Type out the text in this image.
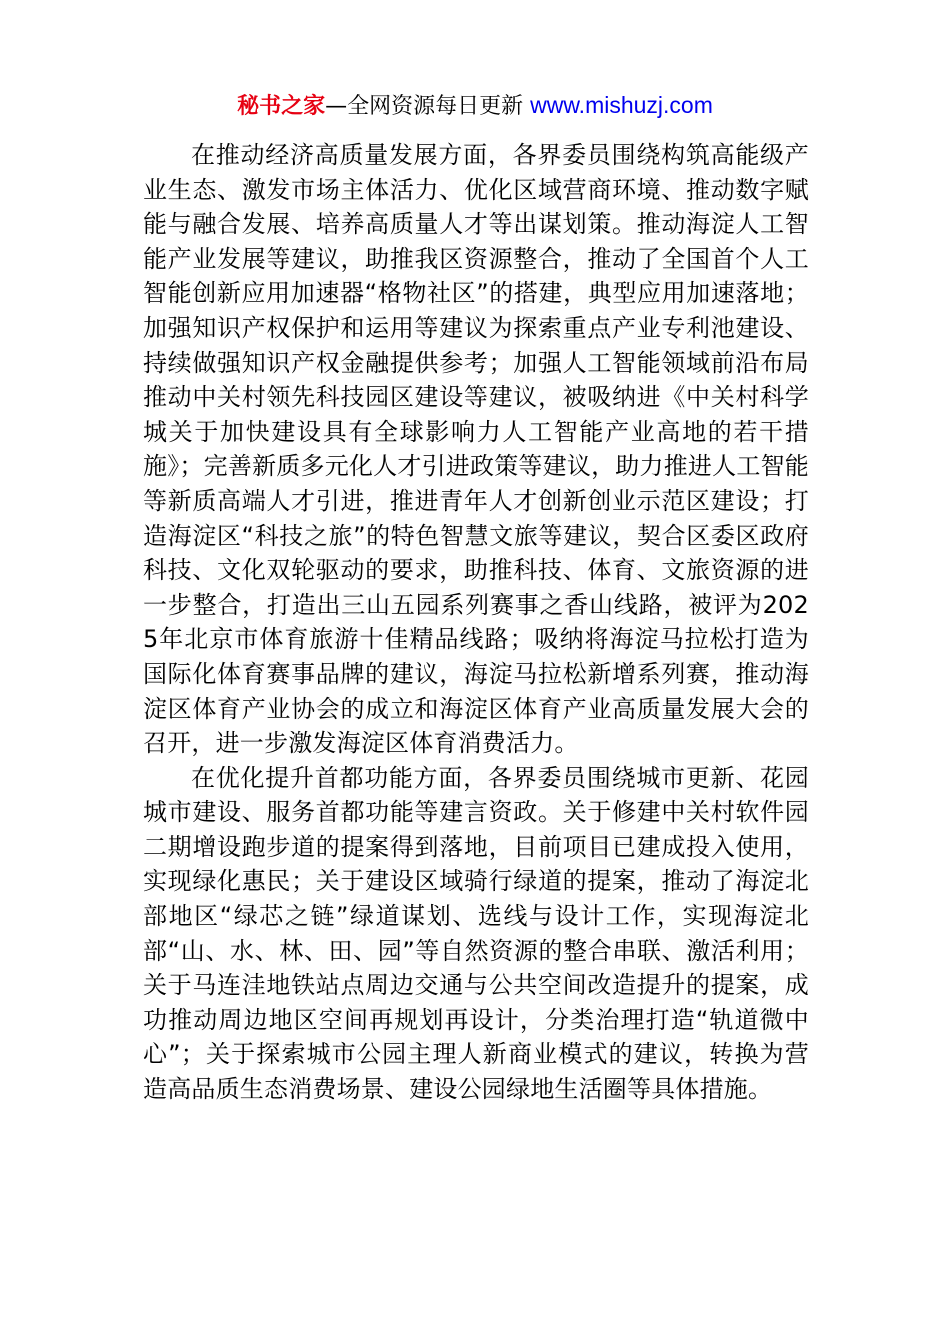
秘书之家—全网资源每日更新 www.mishuzj.com

在推动经济高质量发展方面，各界委员围绕构筑高能级产业生态、激发市场主体活力、优化区域营商环境、推动数字赋能与融合发展、培养高质量人才等出谋划策。推动海淀人工智能产业发展等建议，助推我区资源整合，推动了全国首个人工智能创新应用加速器“格物社区”的搭建，典型应用加速落地；加强知识产权保护和运用等建议为探索重点产业专利池建设、持续做强知识产权金融提供参考；加强人工智能领域前沿布局推动中关村领先科技园区建设等建议，被吸纳进《中关村科学城关于加快建设具有全球影响力人工智能产业高地的若干措施》；完善新质多元化人才引进政策等建议，助力推进人工智能等新质高端人才引进，推进青年人才创新创业示范区建设；打造海淀区“科技之旅”的特色智慧文旅等建议，契合区委区政府科技、文化双轮驱动的要求，助推科技、体育、文旅资源的进一步整合，打造出三山五园系列赛事之香山线路，被评为2025年北京市体育旅游十佳精品线路；吸纳将海淀马拉松打造为国际化体育赛事品牌的建议，海淀马拉松新增系列赛，推动海淀区体育产业协会的成立和海淀区体育产业高质量发展大会的召开，进一步激发海淀区体育消费活力。

在优化提升首都功能方面，各界委员围绕城市更新、花园城市建设、服务首都功能等建言资政。关于修建中关村软件园二期增设跑步道的提案得到落地，目前项目已建成投入使用，实现绿化惠民；关于建设区域骑行绿道的提案，推动了海淀北部地区“绿芯之链”绿道谋划、选线与设计工作，实现海淀北部“山、水、林、田、园”等自然资源的整合串联、激活利用；关于马连洼地铁站点周边交通与公共空间改造提升的提案，成功推动周边地区空间再规划再设计，分类治理打造“轨道微中心”；关于探索城市公园主理人新商业模式的建议，转换为营造高品质生态消费场景、建设公园绿地生活圈等具体措施。
